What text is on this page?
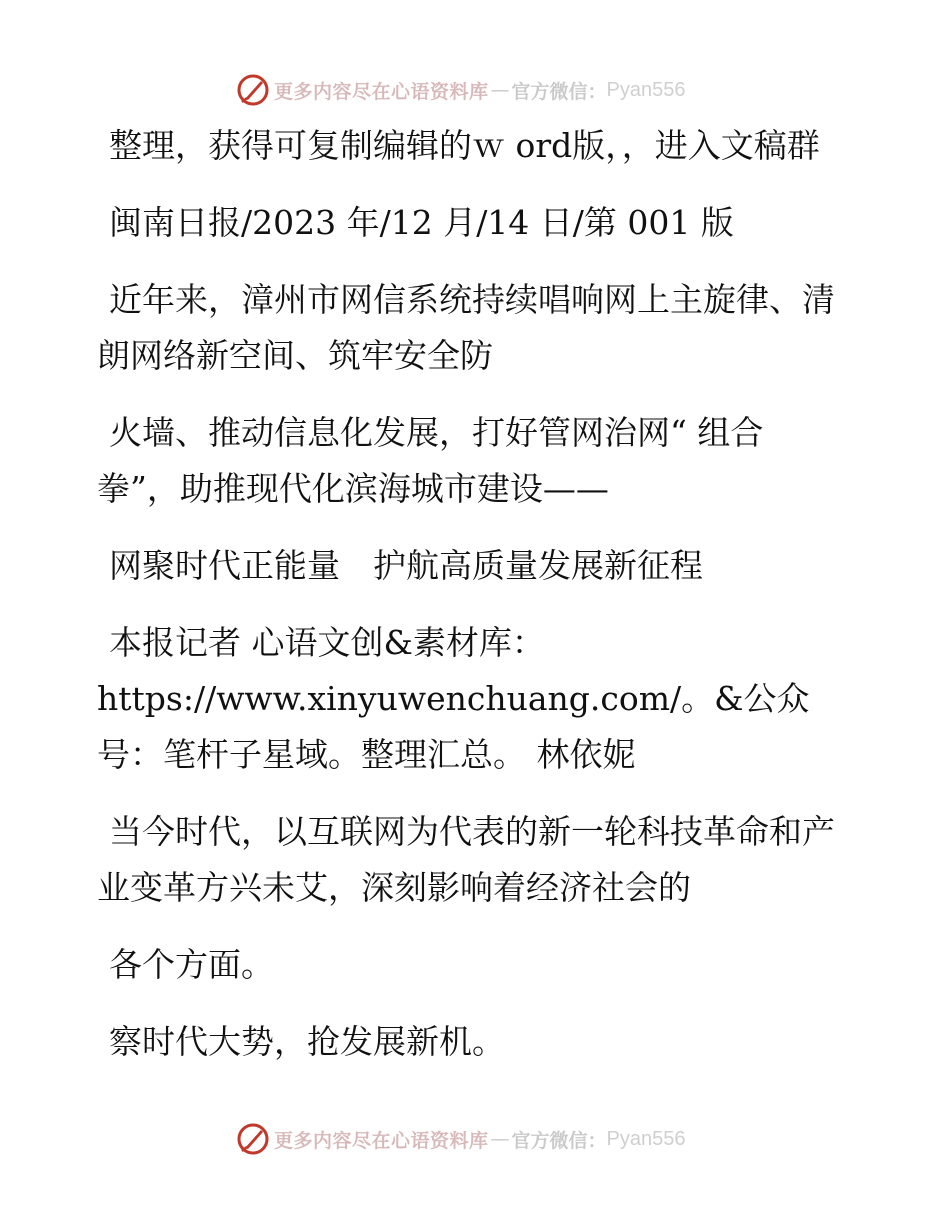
更多内容尽在心语资料库 — 官方微信： Pyan556

整理，获得可复制编辑的ｗ ord版，，进入文稿群

闽南日报/2023 年/12 月/14 日/第 001 版

近年来，漳州市网信系统持续唱响网上主旋律、清朗网络新空间、筑牢安全防

火墙、推动信息化发展，打好管网治网“ 组合拳”，助推现代化滨海城市建设——

网聚时代正能量　护航高质量发展新征程

本报记者 心语文创&素材库：https://www.xinyuwenchuang.com/。&公众号：笔杆子星域。整理汇总。 林依妮

当今时代，以互联网为代表的新一轮科技革命和产业变革方兴未艾，深刻影响着经济社会的

各个方面。

察时代大势，抢发展新机。

更多内容尽在心语资料库 — 官方微信： Pyan556
